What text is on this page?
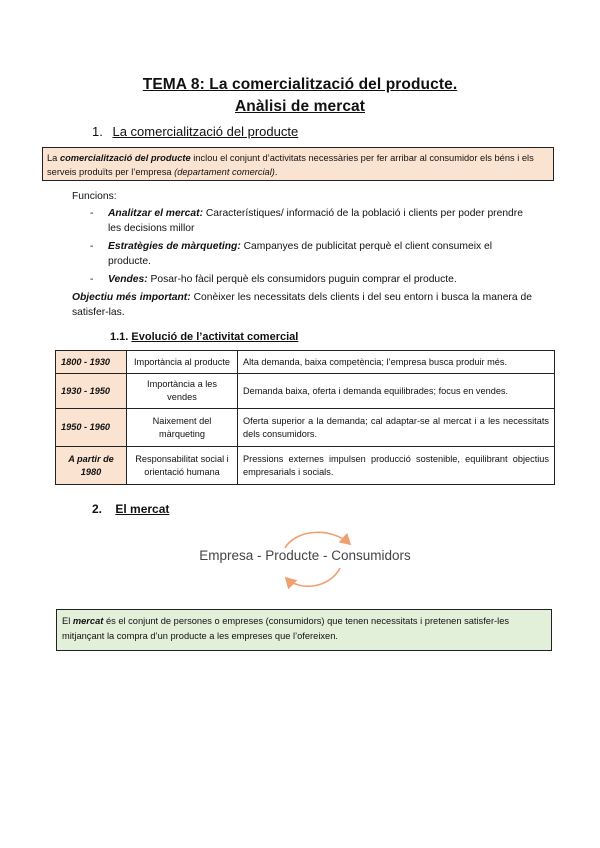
TEMA 8: La comercialització del producte.
Anàlisi de mercat
1. La comercialització del producte
La comercialització del producte inclou el conjunt d’activitats necessàries per fer arribar al consumidor els béns i els serveis produïts per l’empresa (departament comercial).
Funcions:
-	Analitzar el mercat: Característiques/ informació de la població i clients per poder prendre les decisions millor
-	Estratègies de màrqueting: Campanyes de publicitat perquè el client consumeix el producte.
-	Vendes: Posar-ho fàcil perquè els consumidors puguin comprar el producte.
Objectiu més important: Conèixer les necessitats dels clients i del seu entorn i busca la manera de satisfer-las.
1.1. Evolució de l’activitat comercial
1800 - 1930	Importància al producte	Alta demanda, baixa competència; l’empresa busca produir més.
1930 - 1950	Importància a les vendes	Demanda baixa, oferta i demanda equilibrades; focus en vendes.
1950 - 1960	Naixement del màrqueting	Oferta superior a la demanda; cal adaptar-se al mercat i a les necessitats dels consumidors.
A partir de 1980	Responsabilitat social i orientació humana	Pressions externes impulsen producció sostenible, equilibrant objectius empresarials i socials.
2. El mercat
Empresa - Producte - Consumidors
El mercat és el conjunt de persones o empreses (consumidors) que tenen necessitats i pretenen satisfer-les mitjançant la compra d’un producte a les empreses que l’ofereixen.
